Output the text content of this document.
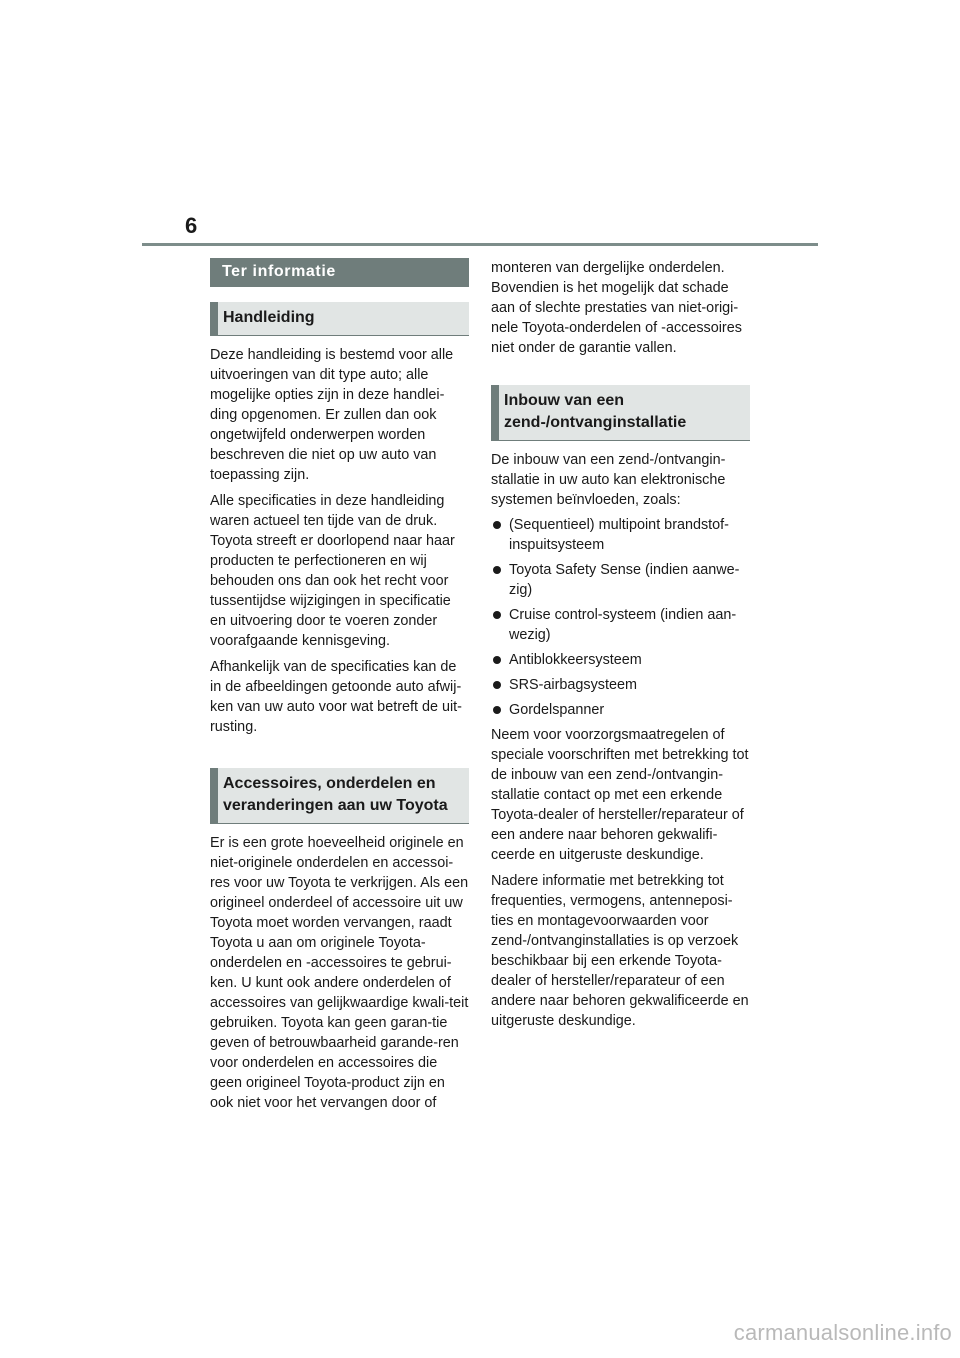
6
Ter informatie
Handleiding

Deze handleiding is bestemd voor alle uitvoeringen van dit type auto; alle mogelijke opties zijn in deze handlei-ding opgenomen. Er zullen dan ook ongetwijfeld onderwerpen worden beschreven die niet op uw auto van toepassing zijn.

Alle specificaties in deze handleiding waren actueel ten tijde van de druk. Toyota streeft er doorlopend naar haar producten te perfectioneren en wij behouden ons dan ook het recht voor tussentijdse wijzigingen in specificatie en uitvoering door te voeren zonder voorafgaande kennisgeving.

Afhankelijk van de specificaties kan de in de afbeeldingen getoonde auto afwij-ken van uw auto voor wat betreft de uit-rusting.

Accessoires, onderdelen en
veranderingen aan uw Toyota

Er is een grote hoeveelheid originele en niet-originele onderdelen en accessoi-res voor uw Toyota te verkrijgen. Als een origineel onderdeel of accessoire uit uw Toyota moet worden vervangen, raadt Toyota u aan om originele Toyota-onderdelen en -accessoires te gebrui-ken. U kunt ook andere onderdelen of accessoires van gelijkwaardige kwali-teit gebruiken. Toyota kan geen garan-tie geven of betrouwbaarheid garande-ren voor onderdelen en accessoires die geen origineel Toyota-product zijn en ook niet voor het vervangen door of

monteren van dergelijke onderdelen. Bovendien is het mogelijk dat schade aan of slechte prestaties van niet-origi-nele Toyota-onderdelen of -accessoires niet onder de garantie vallen.

Inbouw van een
zend-/ontvanginstallatie

De inbouw van een zend-/ontvangin-stallatie in uw auto kan elektronische systemen beïnvloeden, zoals:

(Sequentieel) multipoint brandstof-inspuitsysteem
Toyota Safety Sense (indien aanwe-zig)
Cruise control-systeem (indien aan-wezig)
Antiblokkeersysteem
SRS-airbagsysteem
Gordelspanner

Neem voor voorzorgsmaatregelen of speciale voorschriften met betrekking tot de inbouw van een zend-/ontvangin-stallatie contact op met een erkende Toyota-dealer of hersteller/reparateur of een andere naar behoren gekwalifi-ceerde en uitgeruste deskundige.

Nadere informatie met betrekking tot frequenties, vermogens, antenneposi-ties en montagevoorwaarden voor zend-/ontvanginstallaties is op verzoek beschikbaar bij een erkende Toyota-dealer of hersteller/reparateur of een andere naar behoren gekwalificeerde en uitgeruste deskundige.

carmanualsonline.info
